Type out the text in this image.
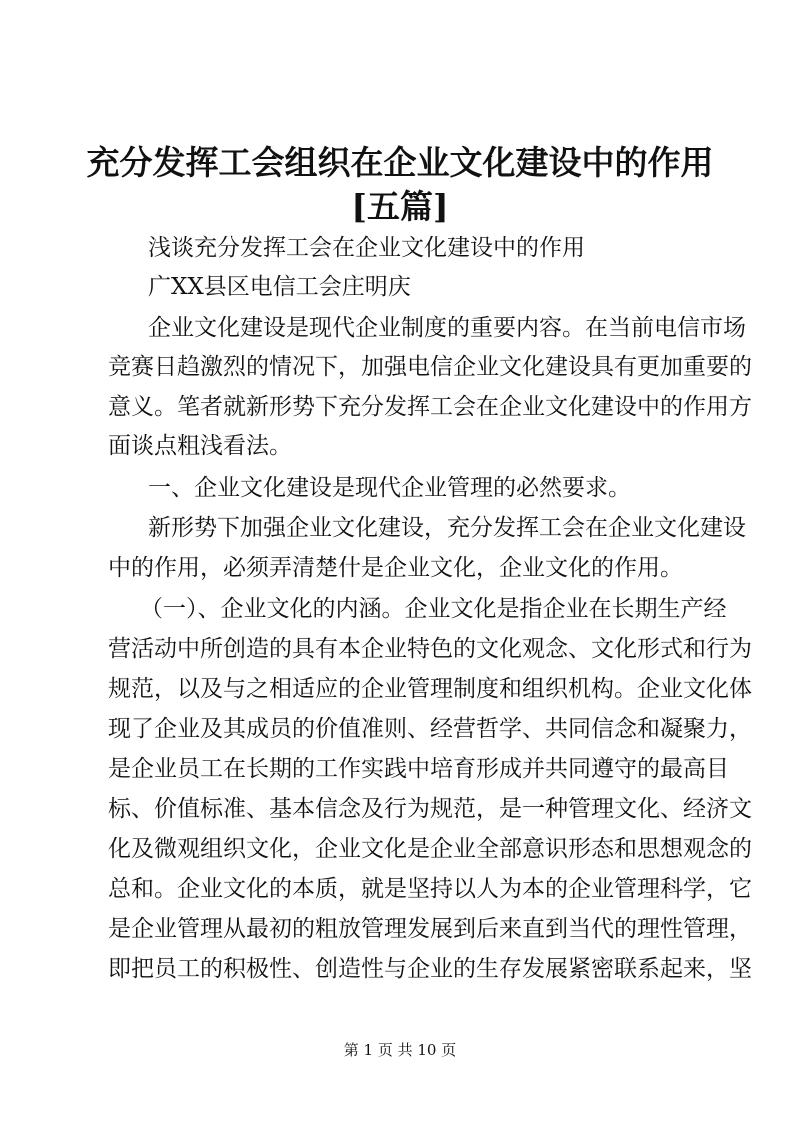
充分发挥工会组织在企业文化建设中的作用
[五篇]
浅谈充分发挥工会在企业文化建设中的作用
广XX县区电信工会庄明庆
企业文化建设是现代企业制度的重要内容。在当前电信市场
竞赛日趋激烈的情况下，加强电信企业文化建设具有更加重要的
意义。笔者就新形势下充分发挥工会在企业文化建设中的作用方
面谈点粗浅看法。
一、企业文化建设是现代企业管理的必然要求。
新形势下加强企业文化建设，充分发挥工会在企业文化建设
中的作用，必须弄清楚什是企业文化，企业文化的作用。
（一）、企业文化的内涵。企业文化是指企业在长期生产经
营活动中所创造的具有本企业特色的文化观念、文化形式和行为
规范，以及与之相适应的企业管理制度和组织机构。企业文化体
现了企业及其成员的价值准则、经营哲学、共同信念和凝聚力，
是企业员工在长期的工作实践中培育形成并共同遵守的最高目
标、价值标准、基本信念及行为规范，是一种管理文化、经济文
化及微观组织文化，企业文化是企业全部意识形态和思想观念的
总和。企业文化的本质，就是坚持以人为本的企业管理科学，它
是企业管理从最初的粗放管理发展到后来直到当代的理性管理，
即把员工的积极性、创造性与企业的生存发展紧密联系起来，坚
第 1 页 共 10 页
